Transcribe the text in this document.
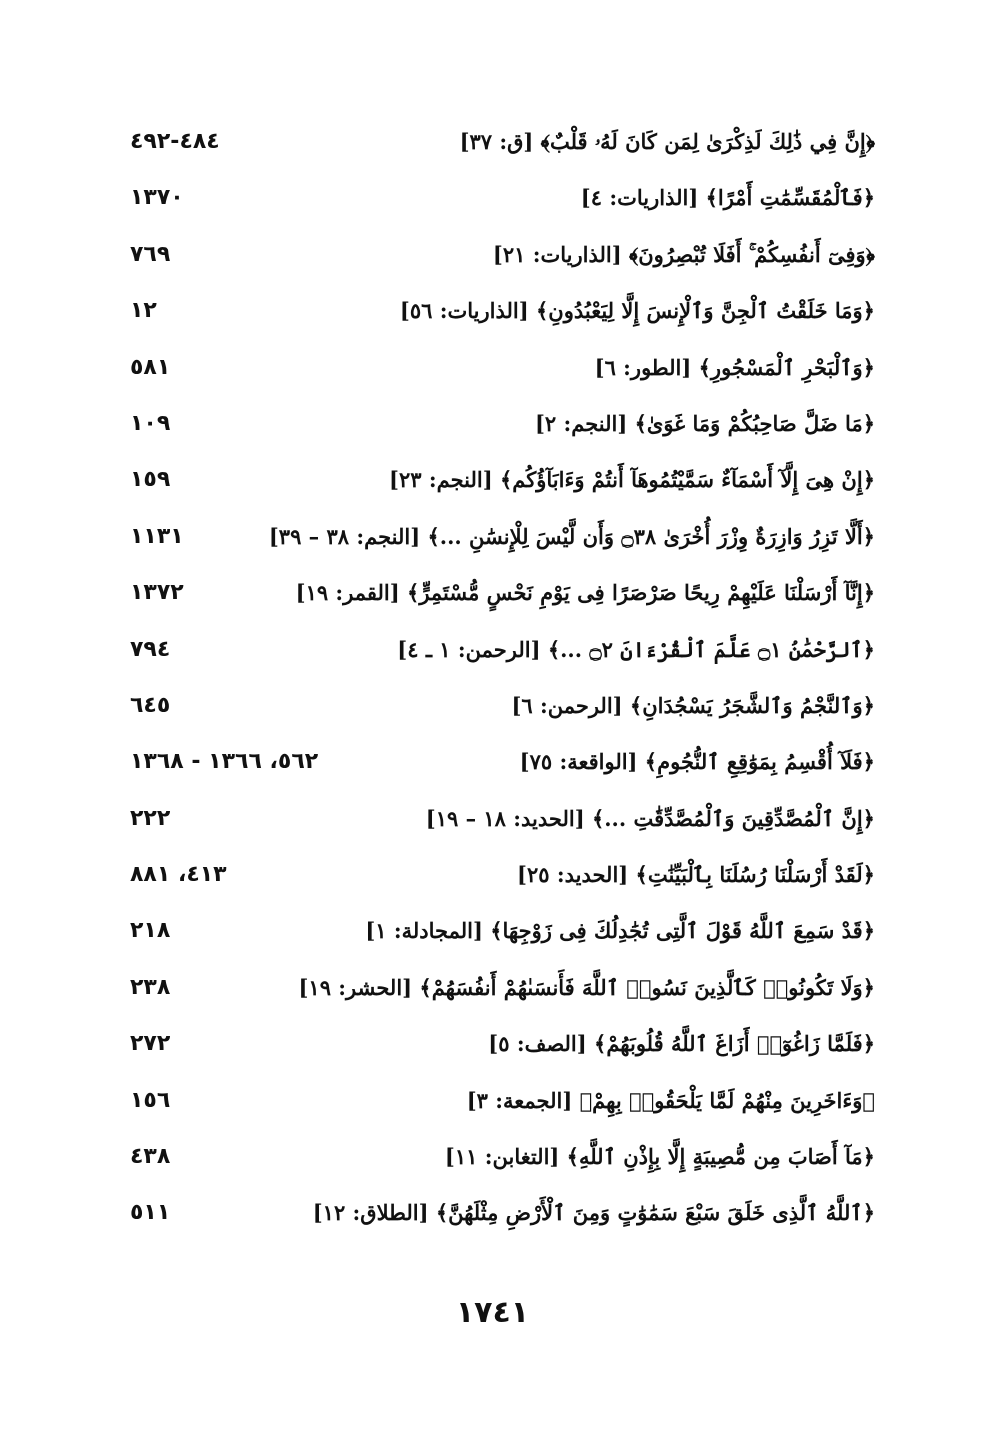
﴿إِنَّ فِي ذَٰلِكَ لَذِكْرَىٰ لِمَن كَانَ لَهُۥ قَلْبٌ﴾ [ق: ٣٧]
٤٨٤-٤٩٢
﴿فَٱلْمُقَسِّمَٰتِ أَمْرًا﴾ [الذاريات: ٤]
١٣٧٠
﴿وَفِىٓ أَنفُسِكُمْ ۚ أَفَلَا تُبْصِرُونَ﴾ [الذاريات: ٢١]
٧٦٩
﴿وَمَا خَلَقْتُ ٱلْجِنَّ وَٱلْإِنسَ إِلَّا لِيَعْبُدُونِ﴾ [الذاريات: ٥٦]
١٢
﴿وَٱلْبَحْرِ ٱلْمَسْجُورِ﴾ [الطور: ٦]
٥٨١
﴿مَا ضَلَّ صَاحِبُكُمْ وَمَا غَوَىٰ﴾ [النجم: ٢]
١٠٩
﴿إِنْ هِىَ إِلَّآ أَسْمَآءٌ سَمَّيْتُمُوهَآ أَنتُمْ وَءَابَآؤُكُم﴾ [النجم: ٢٣]
١٥٩
﴿أَلَّا تَزِرُ وَازِرَةٌ وِزْرَ أُخْرَىٰ ۝٣٨ وَأَن لَّيْسَ لِلْإِنسَٰنِ ...﴾ [النجم: ٣٨ – ٣٩]
١١٣١
﴿إِنَّآ أَرْسَلْنَا عَلَيْهِمْ رِيحًا صَرْصَرًا فِى يَوْمِ نَحْسٍ مُّسْتَمِرٍّ﴾ [القمر: ١٩]
١٣٧٢
﴿ٱلرَّحْمَٰنُ ۝١ عَلَّمَ ٱلْقُرْءَانَ ۝٢ ...﴾ [الرحمن: ١ ـ ٤]
٧٩٤
﴿وَٱلنَّجْمُ وَٱلشَّجَرُ يَسْجُدَانِ﴾ [الرحمن: ٦]
٦٤٥
﴿فَلَآ أُقْسِمُ بِمَوَٰقِعِ ٱلنُّجُومِ﴾ [الواقعة: ٧٥]
٥٦٢، ١٣٦٦ - ١٣٦٨
﴿إِنَّ ٱلْمُصَّدِّقِينَ وَٱلْمُصَّدِّقَٰتِ ...﴾ [الحديد: ١٨ – ١٩]
٢٢٢
﴿لَقَدْ أَرْسَلْنَا رُسُلَنَا بِٱلْبَيِّنَٰتِ﴾ [الحديد: ٢٥]
٤١٣، ٨٨١
﴿قَدْ سَمِعَ ٱللَّهُ قَوْلَ ٱلَّتِى تُجَٰدِلُكَ فِى زَوْجِهَا﴾ [المجادلة: ١]
٢١٨
﴿وَلَا تَكُونُوا۟ كَٱلَّذِينَ نَسُوا۟ ٱللَّهَ فَأَنسَىٰهُمْ أَنفُسَهُمْ﴾ [الحشر: ١٩]
٢٣٨
﴿فَلَمَّا زَاغُوٓا۟ أَزَاغَ ٱللَّهُ قُلُوبَهُمْ﴾ [الصف: ٥]
٢٧٢
﴿وَءَاخَرِينَ مِنْهُمْ لَمَّا يَلْحَقُوا۟ بِهِمْ﴾ [الجمعة: ٣]
١٥٦
﴿مَآ أَصَابَ مِن مُّصِيبَةٍ إِلَّا بِإِذْنِ ٱللَّهِ﴾ [التغابن: ١١]
٤٣٨
﴿ٱللَّهُ ٱلَّذِى خَلَقَ سَبْعَ سَمَٰوَٰتٍ وَمِنَ ٱلْأَرْضِ مِثْلَهُنَّ﴾ [الطلاق: ١٢]
٥١١
١٧٤١
